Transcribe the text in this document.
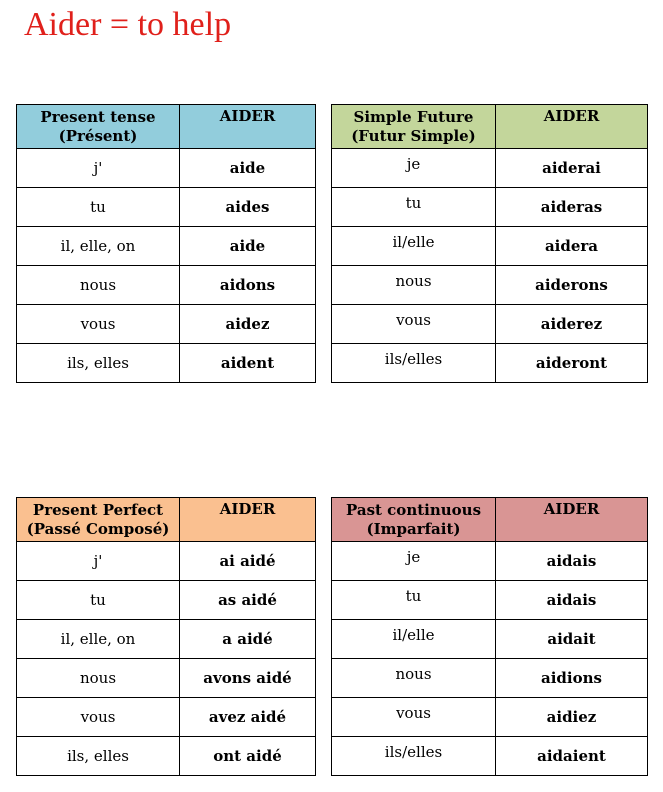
Aider = to help
Present tense
(Présent)	AIDER
j'	aide
tu	aides
il, elle, on	aide
nous	aidons
vous	aidez
ils, elles	aident
Simple Future
(Futur Simple)	AIDER
je	aiderai
tu	aideras
il/elle	aidera
nous	aiderons
vous	aiderez
ils/elles	aideront
Present Perfect
(Passé Composé)	AIDER
j'	ai aidé
tu	as aidé
il, elle, on	a aidé
nous	avons aidé
vous	avez aidé
ils, elles	ont aidé
Past continuous
(Imparfait)	AIDER
je	aidais
tu	aidais
il/elle	aidait
nous	aidions
vous	aidiez
ils/elles	aidaient
